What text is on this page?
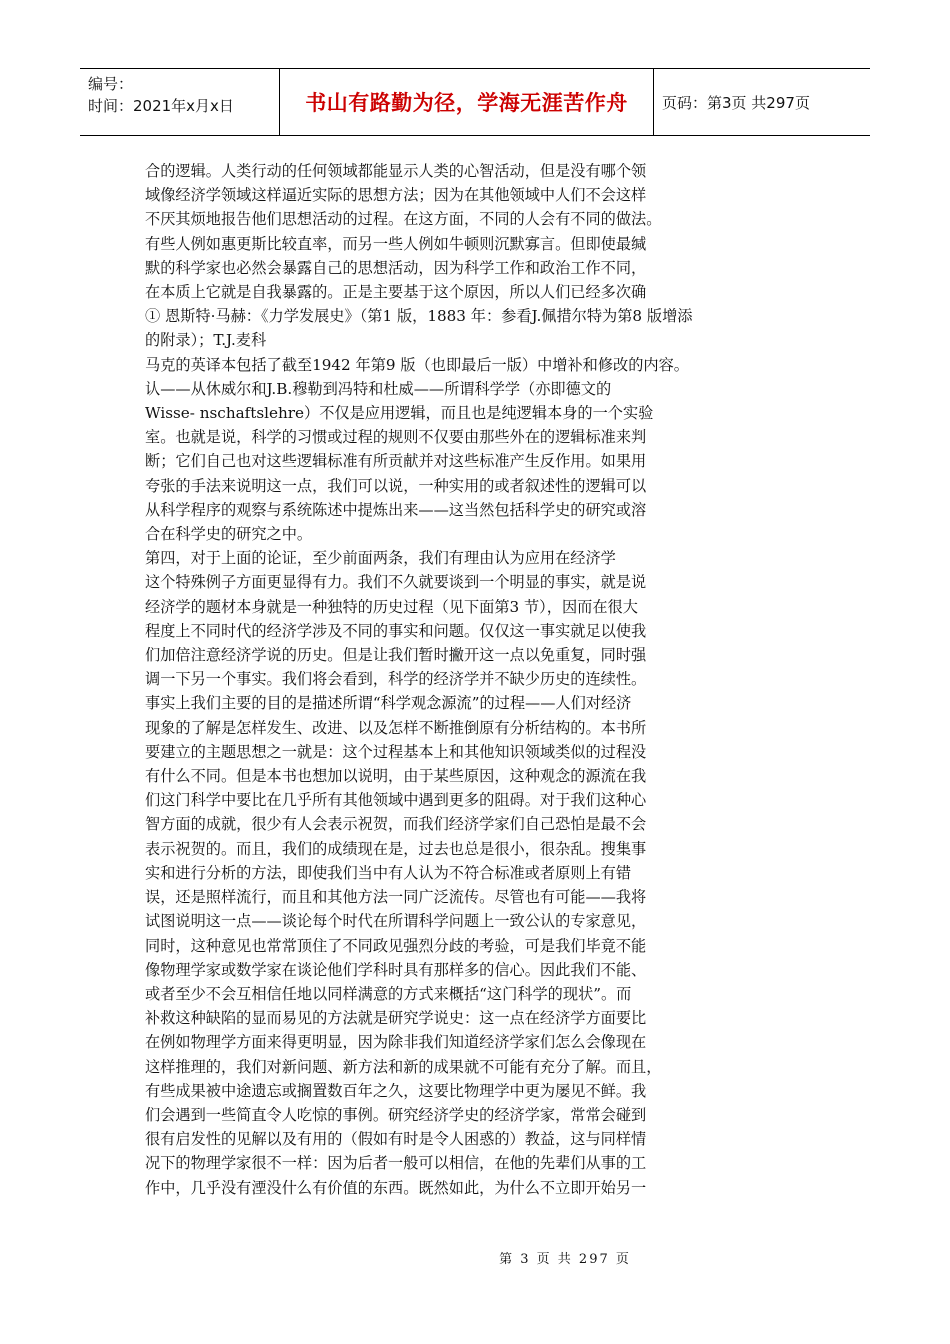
编号：
时间：2021年x月x日	书山有路勤为径，学海无涯苦作舟 页码：第3页 共297页

合的逻辑。人类行动的任何领域都能显示人类的心智活动，但是没有哪个领

域像经济学领域这样逼近实际的思想方法；因为在其他领域中人们不会这样

不厌其烦地报告他们思想活动的过程。在这方面，不同的人会有不同的做法。

有些人例如惠更斯比较直率，而另一些人例如牛顿则沉默寡言。但即使最缄

默的科学家也必然会暴露自己的思想活动，因为科学工作和政治工作不同，

在本质上它就是自我暴露的。正是主要基于这个原因，所以人们已经多次确

① 恩斯特·马赫：《力学发展史》（第1 版，1883 年：参看J.佩措尔特为第8 版增添

的附录）；T.J.麦科

马克的英译本包括了截至1942 年第9 版（也即最后一版）中增补和修改的内容。

认——从休威尔和J.B.穆勒到冯特和杜威——所谓科学学（亦即德文的

Wisse- nschaftslehre）不仅是应用逻辑，而且也是纯逻辑本身的一个实验

室。也就是说，科学的习惯或过程的规则不仅要由那些外在的逻辑标准来判

断；它们自己也对这些逻辑标准有所贡献并对这些标准产生反作用。如果用

夸张的手法来说明这一点，我们可以说，一种实用的或者叙述性的逻辑可以

从科学程序的观察与系统陈述中提炼出来——这当然包括科学史的研究或溶

合在科学史的研究之中。

第四，对于上面的论证，至少前面两条，我们有理由认为应用在经济学

这个特殊例子方面更显得有力。我们不久就要谈到一个明显的事实，就是说

经济学的题材本身就是一种独特的历史过程（见下面第3 节），因而在很大

程度上不同时代的经济学涉及不同的事实和问题。仅仅这一事实就足以使我

们加倍注意经济学说的历史。但是让我们暂时撇开这一点以免重复，同时强

调一下另一个事实。我们将会看到，科学的经济学并不缺少历史的连续性。

事实上我们主要的目的是描述所谓“科学观念源流”的过程——人们对经济

现象的了解是怎样发生、改进、以及怎样不断推倒原有分析结构的。本书所

要建立的主题思想之一就是：这个过程基本上和其他知识领域类似的过程没

有什么不同。但是本书也想加以说明，由于某些原因，这种观念的源流在我

们这门科学中要比在几乎所有其他领域中遇到更多的阻碍。对于我们这种心

智方面的成就，很少有人会表示祝贺，而我们经济学家们自己恐怕是最不会

表示祝贺的。而且，我们的成绩现在是，过去也总是很小，很杂乱。搜集事

实和进行分析的方法，即使我们当中有人认为不符合标准或者原则上有错

误，还是照样流行，而且和其他方法一同广泛流传。尽管也有可能——我将

试图说明这一点——谈论每个时代在所谓科学问题上一致公认的专家意见，

同时，这种意见也常常顶住了不同政见强烈分歧的考验，可是我们毕竟不能

像物理学家或数学家在谈论他们学科时具有那样多的信心。因此我们不能、

或者至少不会互相信任地以同样满意的方式来概括“这门科学的现状”。而

补救这种缺陷的显而易见的方法就是研究学说史：这一点在经济学方面要比

在例如物理学方面来得更明显，因为除非我们知道经济学家们怎么会像现在

这样推理的，我们对新问题、新方法和新的成果就不可能有充分了解。而且，

有些成果被中途遗忘或搁置数百年之久，这要比物理学中更为屡见不鲜。我

们会遇到一些简直令人吃惊的事例。研究经济学史的经济学家，常常会碰到

很有启发性的见解以及有用的（假如有时是令人困惑的）教益，这与同样情

况下的物理学家很不一样：因为后者一般可以相信，在他的先辈们从事的工

作中，几乎没有湮没什么有价值的东西。既然如此，为什么不立即开始另一

第 3 页 共 297 页
